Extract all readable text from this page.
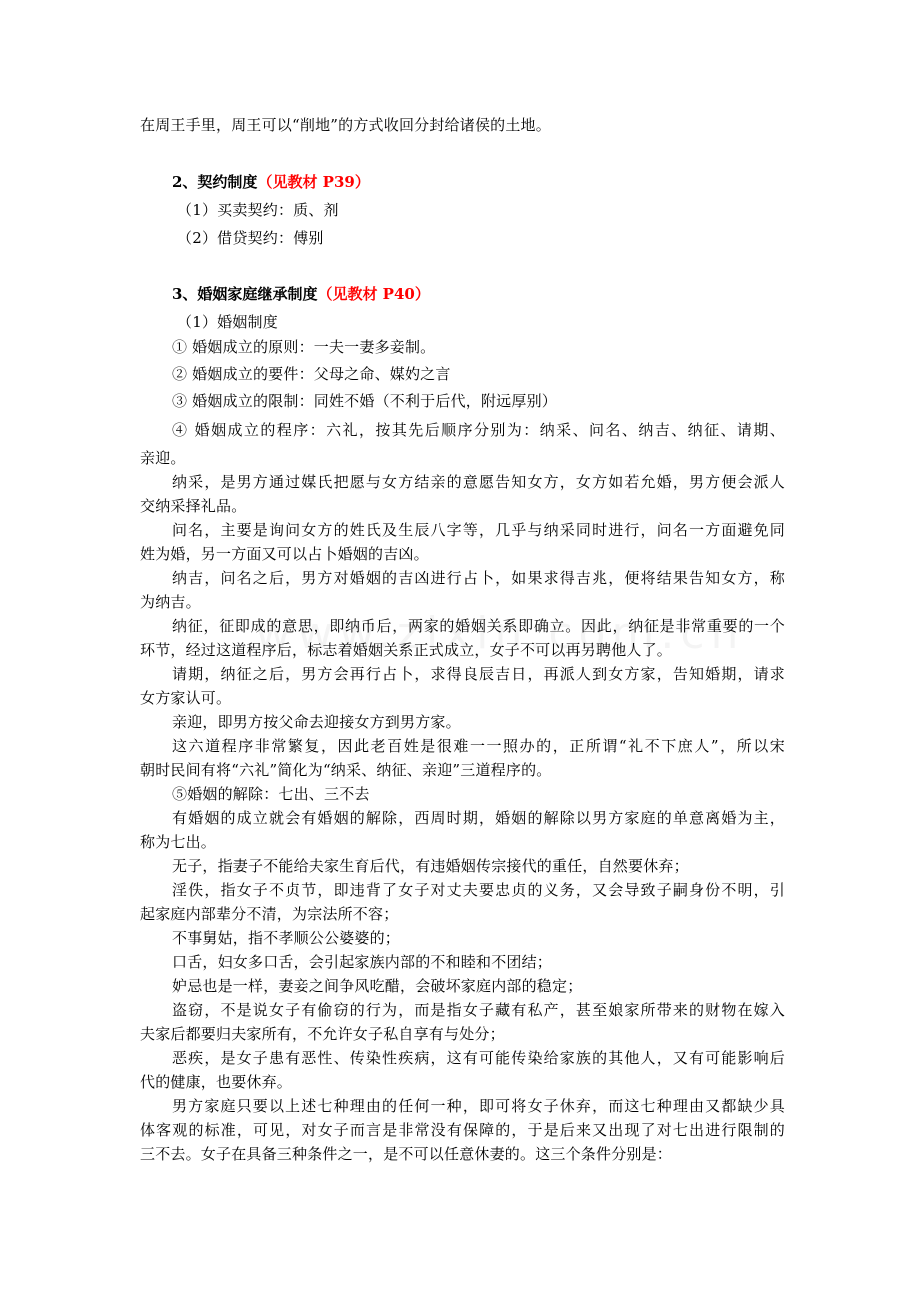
在周王手里，周王可以“削地”的方式收回分封给诸侯的土地。
2、契约制度（见教材 P39）
（1）买卖契约：质、剂
（2）借贷契约：傅别
3、婚姻家庭继承制度（见教材 P40）
（1）婚姻制度
① 婚姻成立的原则：一夫一妻多妾制。
② 婚姻成立的要件：父母之命、媒妁之言
③ 婚姻成立的限制：同姓不婚（不利于后代，附远厚别）
④ 婚姻成立的程序：六礼，按其先后顺序分别为：纳采、问名、纳吉、纳征、请期、
亲迎。
纳采，是男方通过媒氏把愿与女方结亲的意愿告知女方，女方如若允婚，男方便会派人
交纳采择礼品。
问名，主要是询问女方的姓氏及生辰八字等，几乎与纳采同时进行，问名一方面避免同
姓为婚，另一方面又可以占卜婚姻的吉凶。
纳吉，问名之后，男方对婚姻的吉凶进行占卜，如果求得吉兆，便将结果告知女方，称
为纳吉。
纳征，征即成的意思，即纳币后，两家的婚姻关系即确立。因此，纳征是非常重要的一个
环节，经过这道程序后，标志着婚姻关系正式成立，女子不可以再另聘他人了。
请期，纳征之后，男方会再行占卜，求得良辰吉日，再派人到女方家，告知婚期，请求
女方家认可。
亲迎，即男方按父命去迎接女方到男方家。
这六道程序非常繁复，因此老百姓是很难一一照办的，正所谓“礼不下庶人”，所以宋
朝时民间有将“六礼”简化为“纳采、纳征、亲迎”三道程序的。
⑤婚姻的解除：七出、三不去
有婚姻的成立就会有婚姻的解除，西周时期，婚姻的解除以男方家庭的单意离婚为主，
称为七出。
无子，指妻子不能给夫家生育后代，有违婚姻传宗接代的重任，自然要休弃；
淫佚，指女子不贞节，即违背了女子对丈夫要忠贞的义务，又会导致子嗣身份不明，引
起家庭内部辈分不清，为宗法所不容；
不事舅姑，指不孝顺公公婆婆的；
口舌，妇女多口舌，会引起家族内部的不和睦和不团结；
妒忌也是一样，妻妾之间争风吃醋，会破坏家庭内部的稳定；
盗窃，不是说女子有偷窃的行为，而是指女子藏有私产，甚至娘家所带来的财物在嫁入
夫家后都要归夫家所有，不允许女子私自享有与处分；
恶疾，是女子患有恶性、传染性疾病，这有可能传染给家族的其他人，又有可能影响后
代的健康，也要休弃。
男方家庭只要以上述七种理由的任何一种，即可将女子休弃，而这七种理由又都缺少具
体客观的标准，可见，对女子而言是非常没有保障的，于是后来又出现了对七出进行限制的
三不去。女子在具备三种条件之一，是不可以任意休妻的。这三个条件分别是：
